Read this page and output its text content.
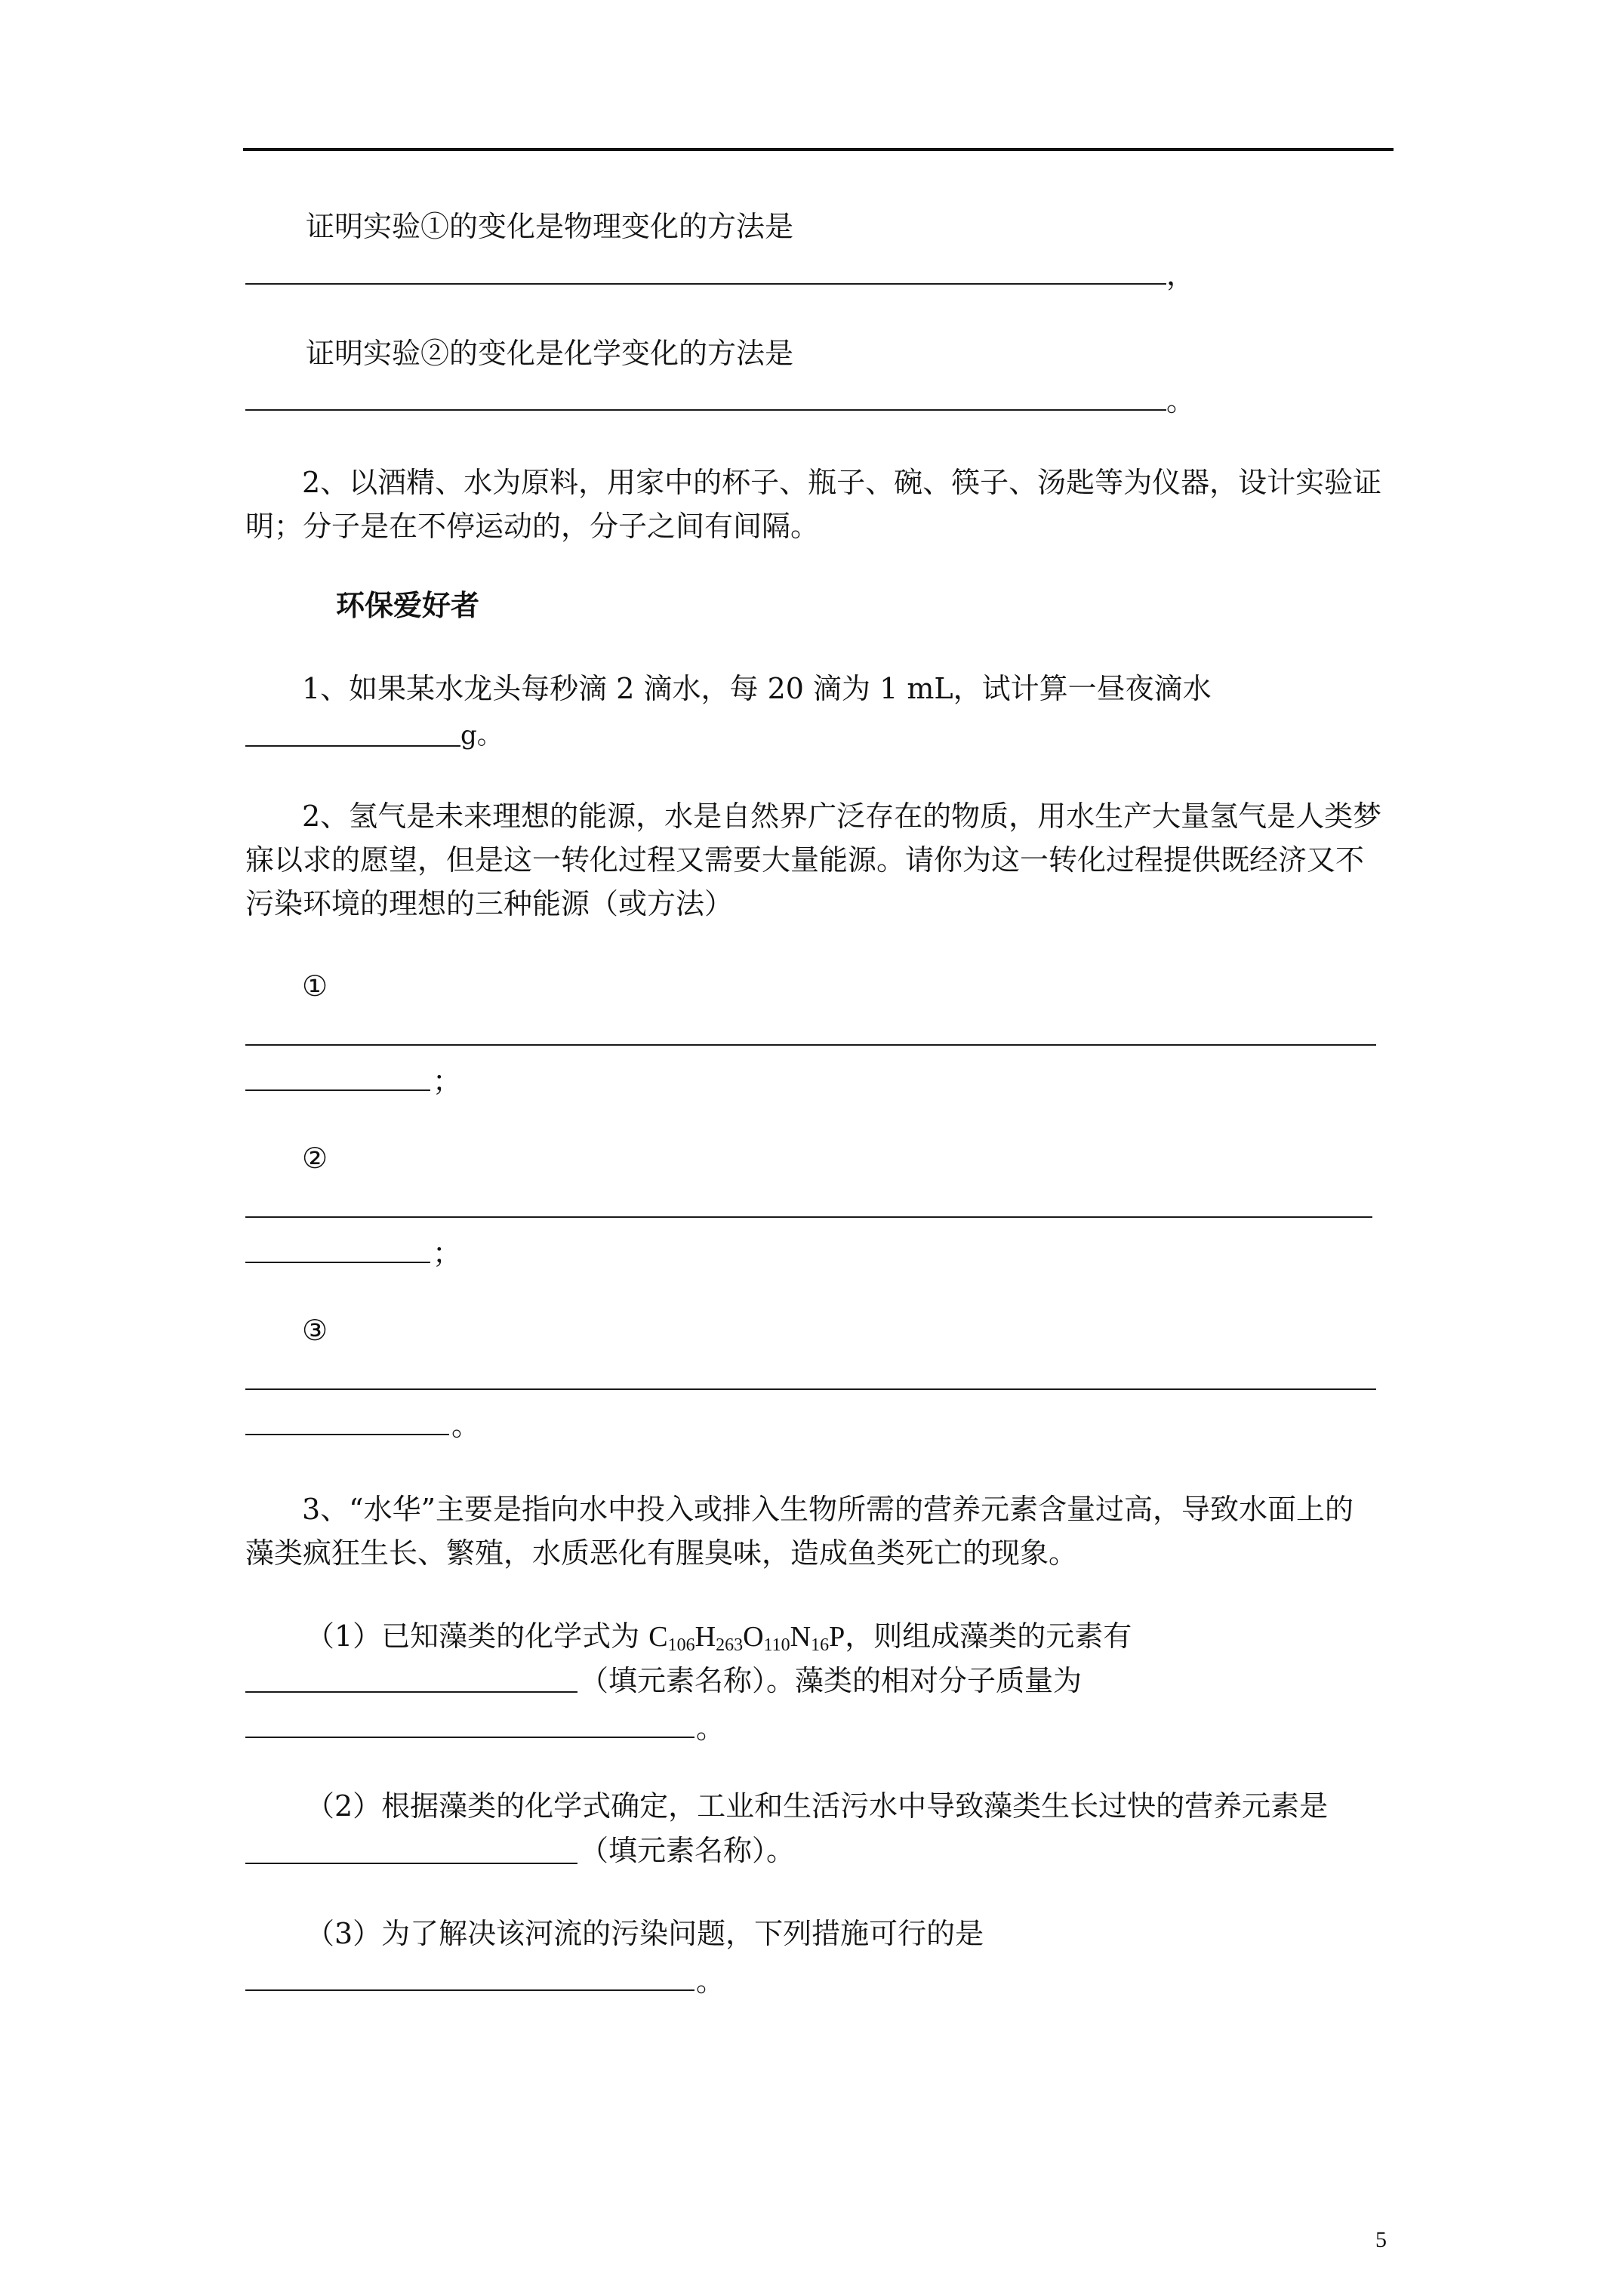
证明实验①的变化是物理变化的方法是
，
证明实验②的变化是化学变化的方法是
。
2、以酒精、水为原料，用家中的杯子、瓶子、碗、筷子、汤匙等为仪器，设计实验证
明；分子是在不停运动的，分子之间有间隔。
环保爱好者
1、如果某水龙头每秒滴 2 滴水，每 20 滴为 1 mL，试计算一昼夜滴水
g。
2、氢气是未来理想的能源，水是自然界广泛存在的物质，用水生产大量氢气是人类梦
寐以求的愿望，但是这一转化过程又需要大量能源。请你为这一转化过程提供既经济又不
污染环境的理想的三种能源（或方法）
①
；
②
；
③
。
3、“水华”主要是指向水中投入或排入生物所需的营养元素含量过高，导致水面上的
藻类疯狂生长、繁殖，水质恶化有腥臭味，造成鱼类死亡的现象。
（1）已知藻类的化学式为 $C_{106}H_{263}O_{110}N_{16}P$，则组成藻类的元素有
（填元素名称）。藻类的相对分子质量为
。
（2）根据藻类的化学式确定，工业和生活污水中导致藻类生长过快的营养元素是
（填元素名称）。
（3）为了解决该河流的污染问题，下列措施可行的是
。
5
